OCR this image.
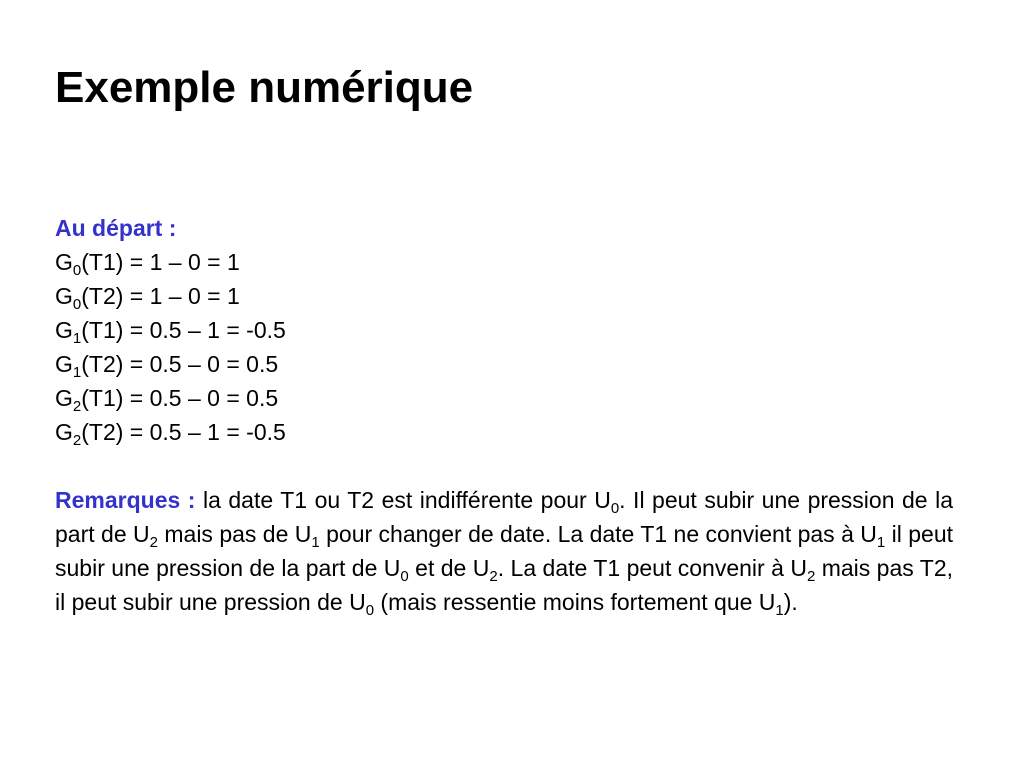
Exemple numérique
Au départ :
$G_0(T1) = 1 - 0 = 1$
$G_0(T2) = 1 - 0 = 1$
$G_1(T1) = 0.5 - 1 = -0.5$
$G_1(T2) = 0.5 - 0 = 0.5$
$G_2(T1) = 0.5 - 0 = 0.5$
$G_2(T2) = 0.5 - 1 = -0.5$

Remarques : la date T1 ou T2 est indifférente pour $U_0$. Il peut subir une pression de la part de $U_2$ mais pas de $U_1$ pour changer de date. La date T1 ne convient pas à $U_1$ il peut subir une pression de la part de $U_0$ et de $U_2$. La date T1 peut convenir à $U_2$ mais pas T2, il peut subir une pression de $U_0$ (mais ressentie moins fortement que $U_1$).
